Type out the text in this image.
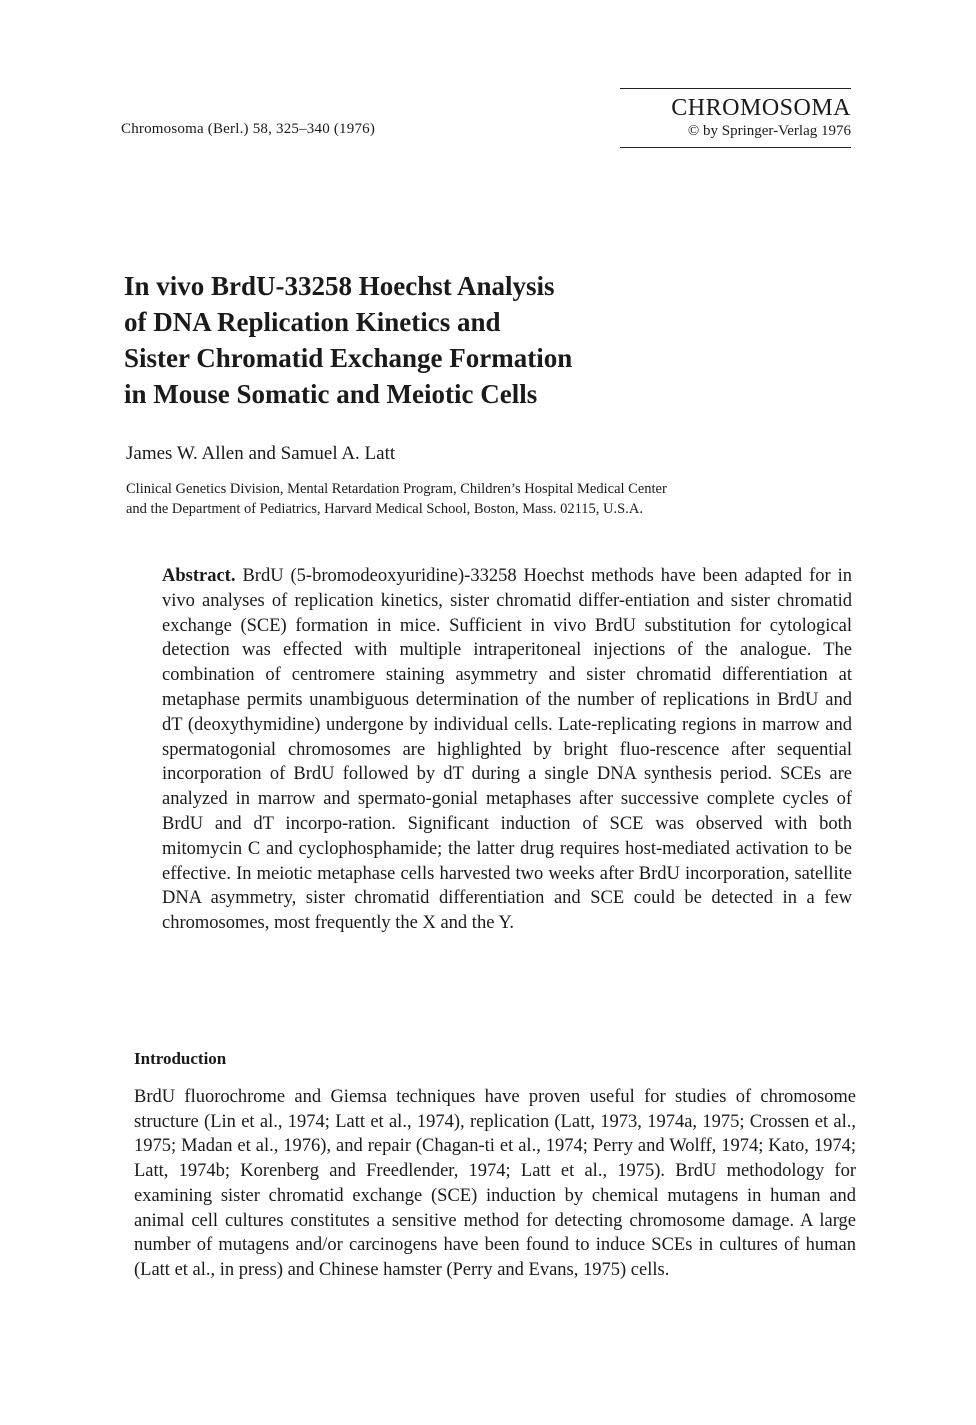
Chromosoma (Berl.) 58, 325–340 (1976)
CHROMOSOMA
© by Springer-Verlag 1976
In vivo BrdU-33258 Hoechst Analysis
of DNA Replication Kinetics and
Sister Chromatid Exchange Formation
in Mouse Somatic and Meiotic Cells
James W. Allen and Samuel A. Latt
Clinical Genetics Division, Mental Retardation Program, Children’s Hospital Medical Center
and the Department of Pediatrics, Harvard Medical School, Boston, Mass. 02115, U.S.A.

Abstract. BrdU (5-bromodeoxyuridine)-33258 Hoechst methods have been adapted for in vivo analyses of replication kinetics, sister chromatid differ-entiation and sister chromatid exchange (SCE) formation in mice. Sufficient in vivo BrdU substitution for cytological detection was effected with multiple intraperitoneal injections of the analogue. The combination of centromere staining asymmetry and sister chromatid differentiation at metaphase permits unambiguous determination of the number of replications in BrdU and dT (deoxythymidine) undergone by individual cells. Late-replicating regions in marrow and spermatogonial chromosomes are highlighted by bright fluo-rescence after sequential incorporation of BrdU followed by dT during a single DNA synthesis period. SCEs are analyzed in marrow and spermato-gonial metaphases after successive complete cycles of BrdU and dT incorpo-ration. Significant induction of SCE was observed with both mitomycin C and cyclophosphamide; the latter drug requires host-mediated activation to be effective. In meiotic metaphase cells harvested two weeks after BrdU incorporation, satellite DNA asymmetry, sister chromatid differentiation and SCE could be detected in a few chromosomes, most frequently the X and the Y.

Introduction

BrdU fluorochrome and Giemsa techniques have proven useful for studies of chromosome structure (Lin et al., 1974; Latt et al., 1974), replication (Latt, 1973, 1974a, 1975; Crossen et al., 1975; Madan et al., 1976), and repair (Chagan-ti et al., 1974; Perry and Wolff, 1974; Kato, 1974; Latt, 1974b; Korenberg and Freedlender, 1974; Latt et al., 1975). BrdU methodology for examining sister chromatid exchange (SCE) induction by chemical mutagens in human and animal cell cultures constitutes a sensitive method for detecting chromosome damage. A large number of mutagens and/or carcinogens have been found to induce SCEs in cultures of human (Latt et al., in press) and Chinese hamster (Perry and Evans, 1975) cells.
